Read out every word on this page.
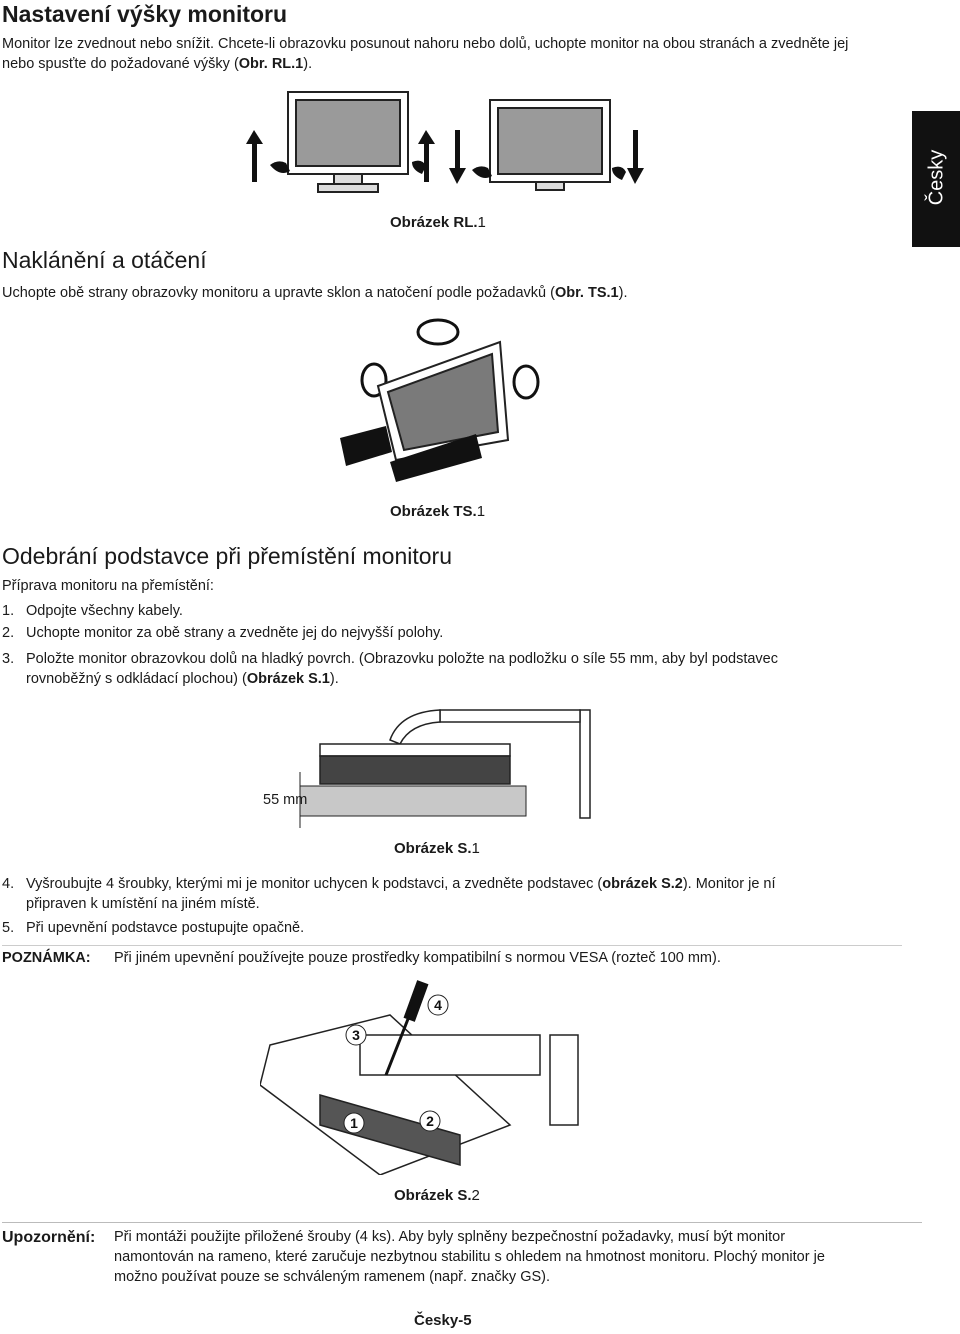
Nastavení výšky monitoru

Monitor lze zvednout nebo snížit. Chcete-li obrazovku posunout nahoru nebo dolů, uchopte monitor na obou stranách a zvedněte jej nebo spusťte do požadované výšky (Obr. RL.1).

Obrázek RL.1
Česky
Naklánění a otáčení

Uchopte obě strany obrazovky monitoru a upravte sklon a natočení podle požadavků (Obr. TS.1).

Obrázek TS.1
Odebrání podstavce při přemístění monitoru

Příprava monitoru na přemístění:

1. Odpojte všechny kabely.

2. Uchopte monitor za obě strany a zvedněte jej do nejvyšší polohy.

3. Položte monitor obrazovkou dolů na hladký povrch. (Obrazovku položte na podložku o síle 55 mm, aby byl podstavec

rovnoběžný s odkládací plochou) (Obrázek S.1).

55 mm
Obrázek S.1

4. Vyšroubujte 4 šroubky, kterými mi je monitor uchycen k podstavci, a zvedněte podstavec (obrázek S.2). Monitor je ní

připraven k umístění na jiném místě.

5. Při upevnění podstavce postupujte opačně.

POZNÁMKA: Při jiném upevnění používejte pouze prostředky kompatibilní s normou VESA (rozteč 100 mm).

1	2
3
4
Obrázek S.2
Upozornění: Při montáži použijte přiložené šrouby (4 ks). Aby byly splněny bezpečnostní požadavky, musí být monitor

namontován na rameno, které zaručuje nezbytnou stabilitu s ohledem na hmotnost monitoru. Plochý monitor je

možno používat pouze se schváleným ramenem (např. značky GS).

Česky-5
